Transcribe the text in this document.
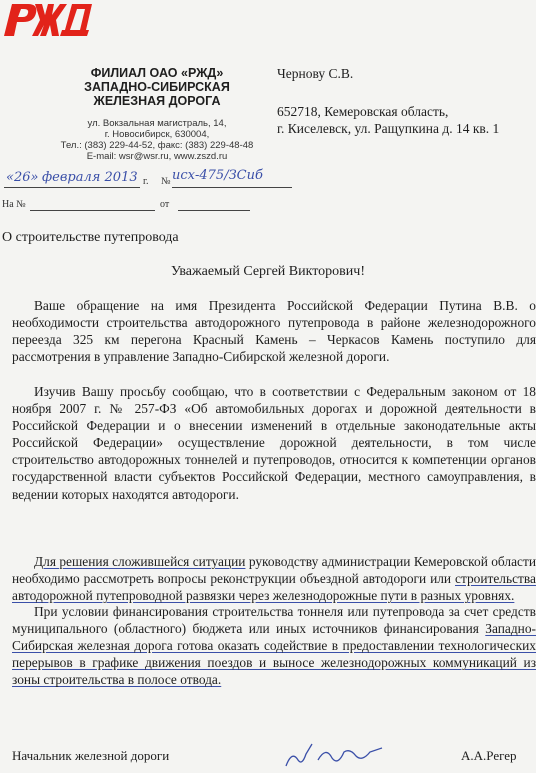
ФИЛИАЛ ОАО «РЖД»
ЗАПАДНО-СИБИРСКАЯ
ЖЕЛЕЗНАЯ ДОРОГА
ул. Вокзальная магистраль, 14,
г. Новосибирск, 630004,
Тел.: (383) 229-44-52, факс: (383) 229-48-48
E-mail: wsr@wsr.ru, www.zszd.ru
Чернову С.В.
652718, Кемеровская область,
г. Киселевск, ул. Ращупкина д. 14 кв. 1
«26» февраля 2013 г. № исх-475/ЗСиб
На №	от
О строительстве путепровода
Уважаемый Сергей Викторович!

Ваше обращение на имя Президента Российской Федерации Путина В.В. о необходимости строительства автодорожного путепровода в районе железнодорожного переезда 325 км перегона Красный Камень – Черкасов Камень поступило для рассмотрения в управление Западно-Сибирской железной дороги.

Изучив Вашу просьбу сообщаю, что в соответствии с Федеральным законом от 18 ноября 2007 г. № 257-ФЗ «Об автомобильных дорогах и дорожной деятельности в Российской Федерации и о внесении изменений в отдельные законодательные акты Российской Федерации» осуществление дорожной деятельности, в том числе строительство автодорожных тоннелей и путепроводов, относится к компетенции органов государственной власти субъектов Российской Федерации, местного самоуправления, в ведении которых находятся автодороги.

Для решения сложившейся ситуации руководству администрации Кемеровской области необходимо рассмотреть вопросы реконструкции объездной автодороги или строительства автодорожной путепроводной развязки через железнодорожные пути в разных уровнях.

При условии финансирования строительства тоннеля или путепровода за счет средств муниципального (областного) бюджета или иных источников финансирования Западно-Сибирская железная дорога готова оказать содействие в предоставлении технологических перерывов в графике движения поездов и выносе железнодорожных коммуникаций из зоны строительства в полосе отвода.

Начальник железной дороги	А.А.Регер
